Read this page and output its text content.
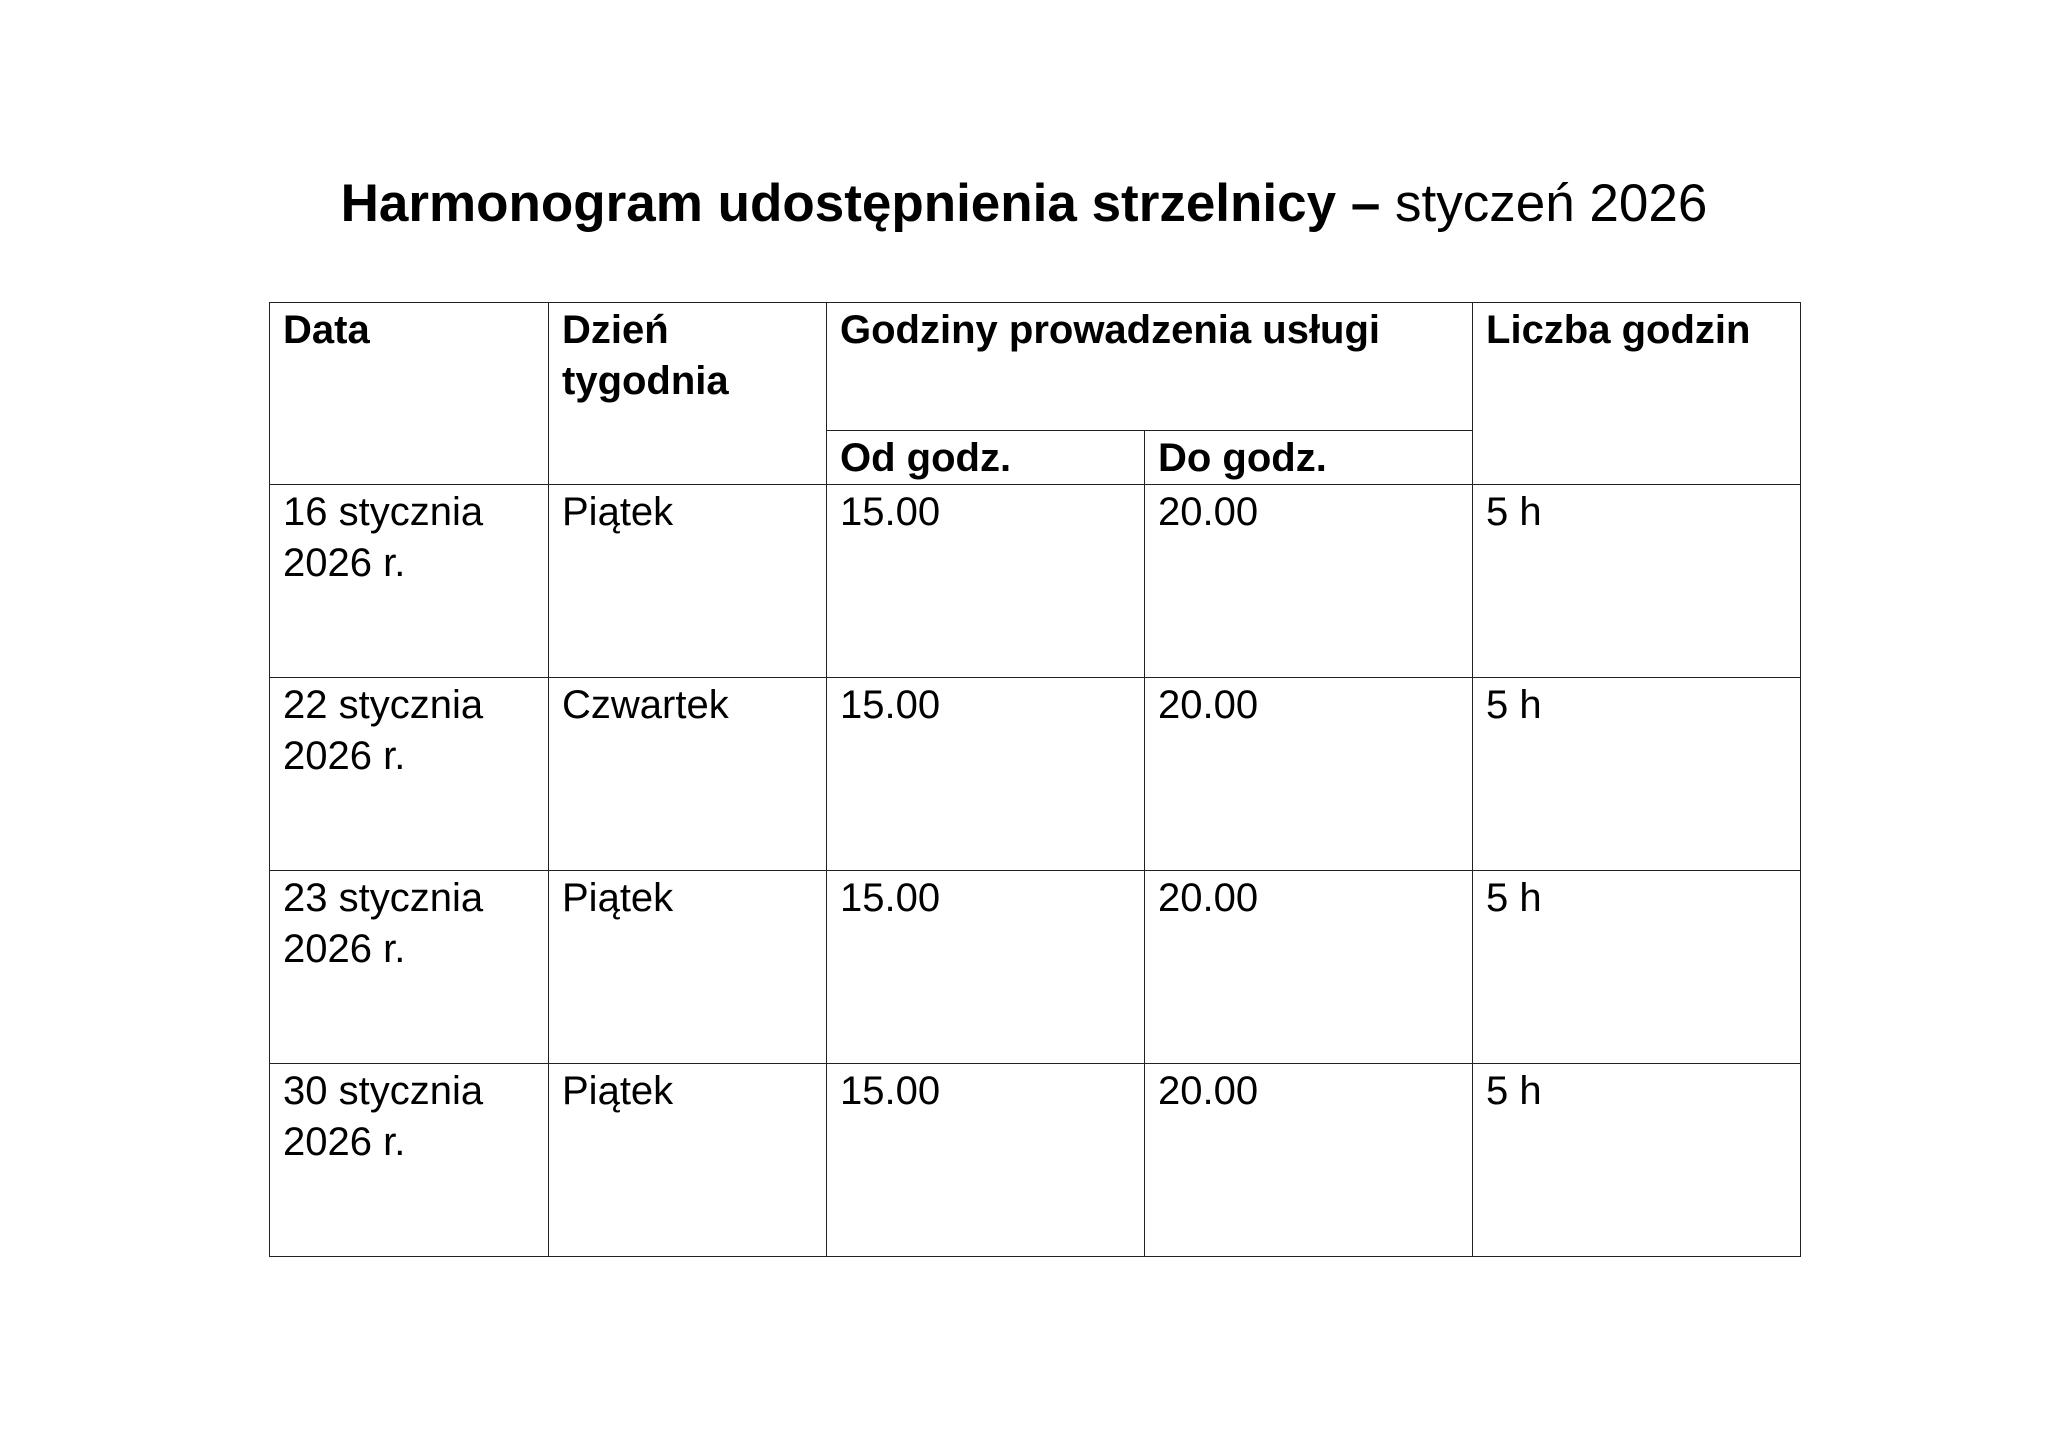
Harmonogram udostępnienia strzelnicy – styczeń 2026
Data	Dzień tygodnia	Godziny prowadzenia usługi		Liczba godzin
		Od godz.	Do godz.	
16 stycznia 2026 r.	Piątek	15.00	20.00	5 h
22 stycznia 2026 r.	Czwartek	15.00	20.00	5 h
23 stycznia 2026 r.	Piątek	15.00	20.00	5 h
30 stycznia 2026 r.	Piątek	15.00	20.00	5 h
